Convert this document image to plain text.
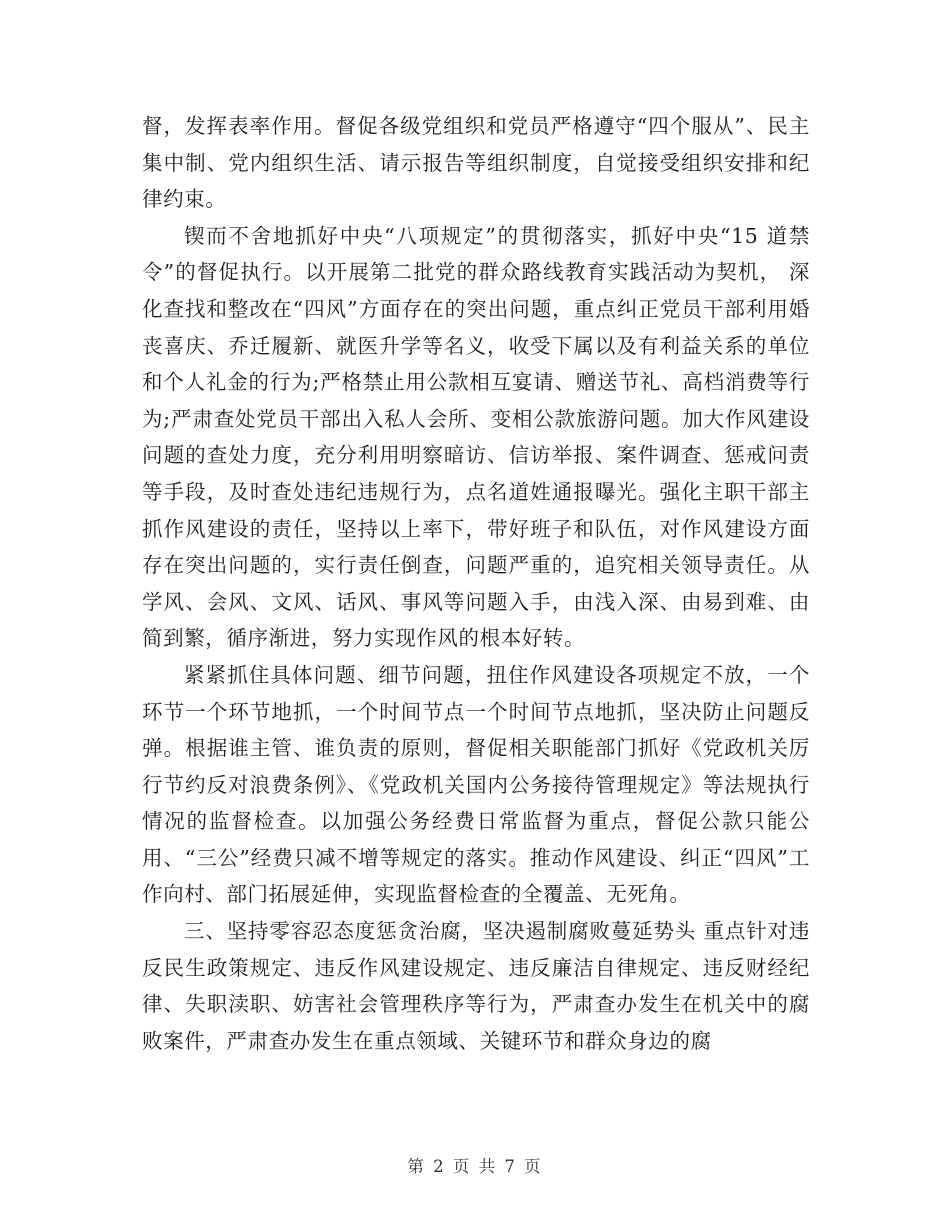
督，发挥表率作用。督促各级党组织和党员严格遵守“四个服从”、民主集中制、党内组织生活、请示报告等组织制度，自觉接受组织安排和纪律约束。

锲而不舍地抓好中央“八项规定”的贯彻落实，抓好中央“15 道禁令”的督促执行。以开展第二批党的群众路线教育实践活动为契机， 深化查找和整改在“四风”方面存在的突出问题，重点纠正党员干部利用婚丧喜庆、乔迁履新、就医升学等名义，收受下属以及有利益关系的单位和个人礼金的行为;严格禁止用公款相互宴请、赠送节礼、高档消费等行为;严肃查处党员干部出入私人会所、变相公款旅游问题。加大作风建设问题的查处力度，充分利用明察暗访、信访举报、案件调查、惩戒问责等手段，及时查处违纪违规行为，点名道姓通报曝光。强化主职干部主抓作风建设的责任，坚持以上率下，带好班子和队伍，对作风建设方面存在突出问题的，实行责任倒查，问题严重的，追究相关领导责任。从学风、会风、文风、话风、事风等问题入手，由浅入深、由易到难、由简到繁，循序渐进，努力实现作风的根本好转。

紧紧抓住具体问题、细节问题，扭住作风建设各项规定不放，一个环节一个环节地抓，一个时间节点一个时间节点地抓，坚决防止问题反弹。根据谁主管、谁负责的原则，督促相关职能部门抓好《党政机关厉行节约反对浪费条例》、《党政机关国内公务接待管理规定》等法规执行情况的监督检查。以加强公务经费日常监督为重点，督促公款只能公用、“三公”经费只减不增等规定的落实。推动作风建设、纠正“四风”工作向村、部门拓展延伸，实现监督检查的全覆盖、无死角。

三、坚持零容忍态度惩贪治腐，坚决遏制腐败蔓延势头 重点针对违反民生政策规定、违反作风建设规定、违反廉洁自律规定、违反财经纪律、失职渎职、妨害社会管理秩序等行为，严肃查办发生在机关中的腐败案件，严肃查办发生在重点领域、关键环节和群众身边的腐

第 2 页 共 7 页
